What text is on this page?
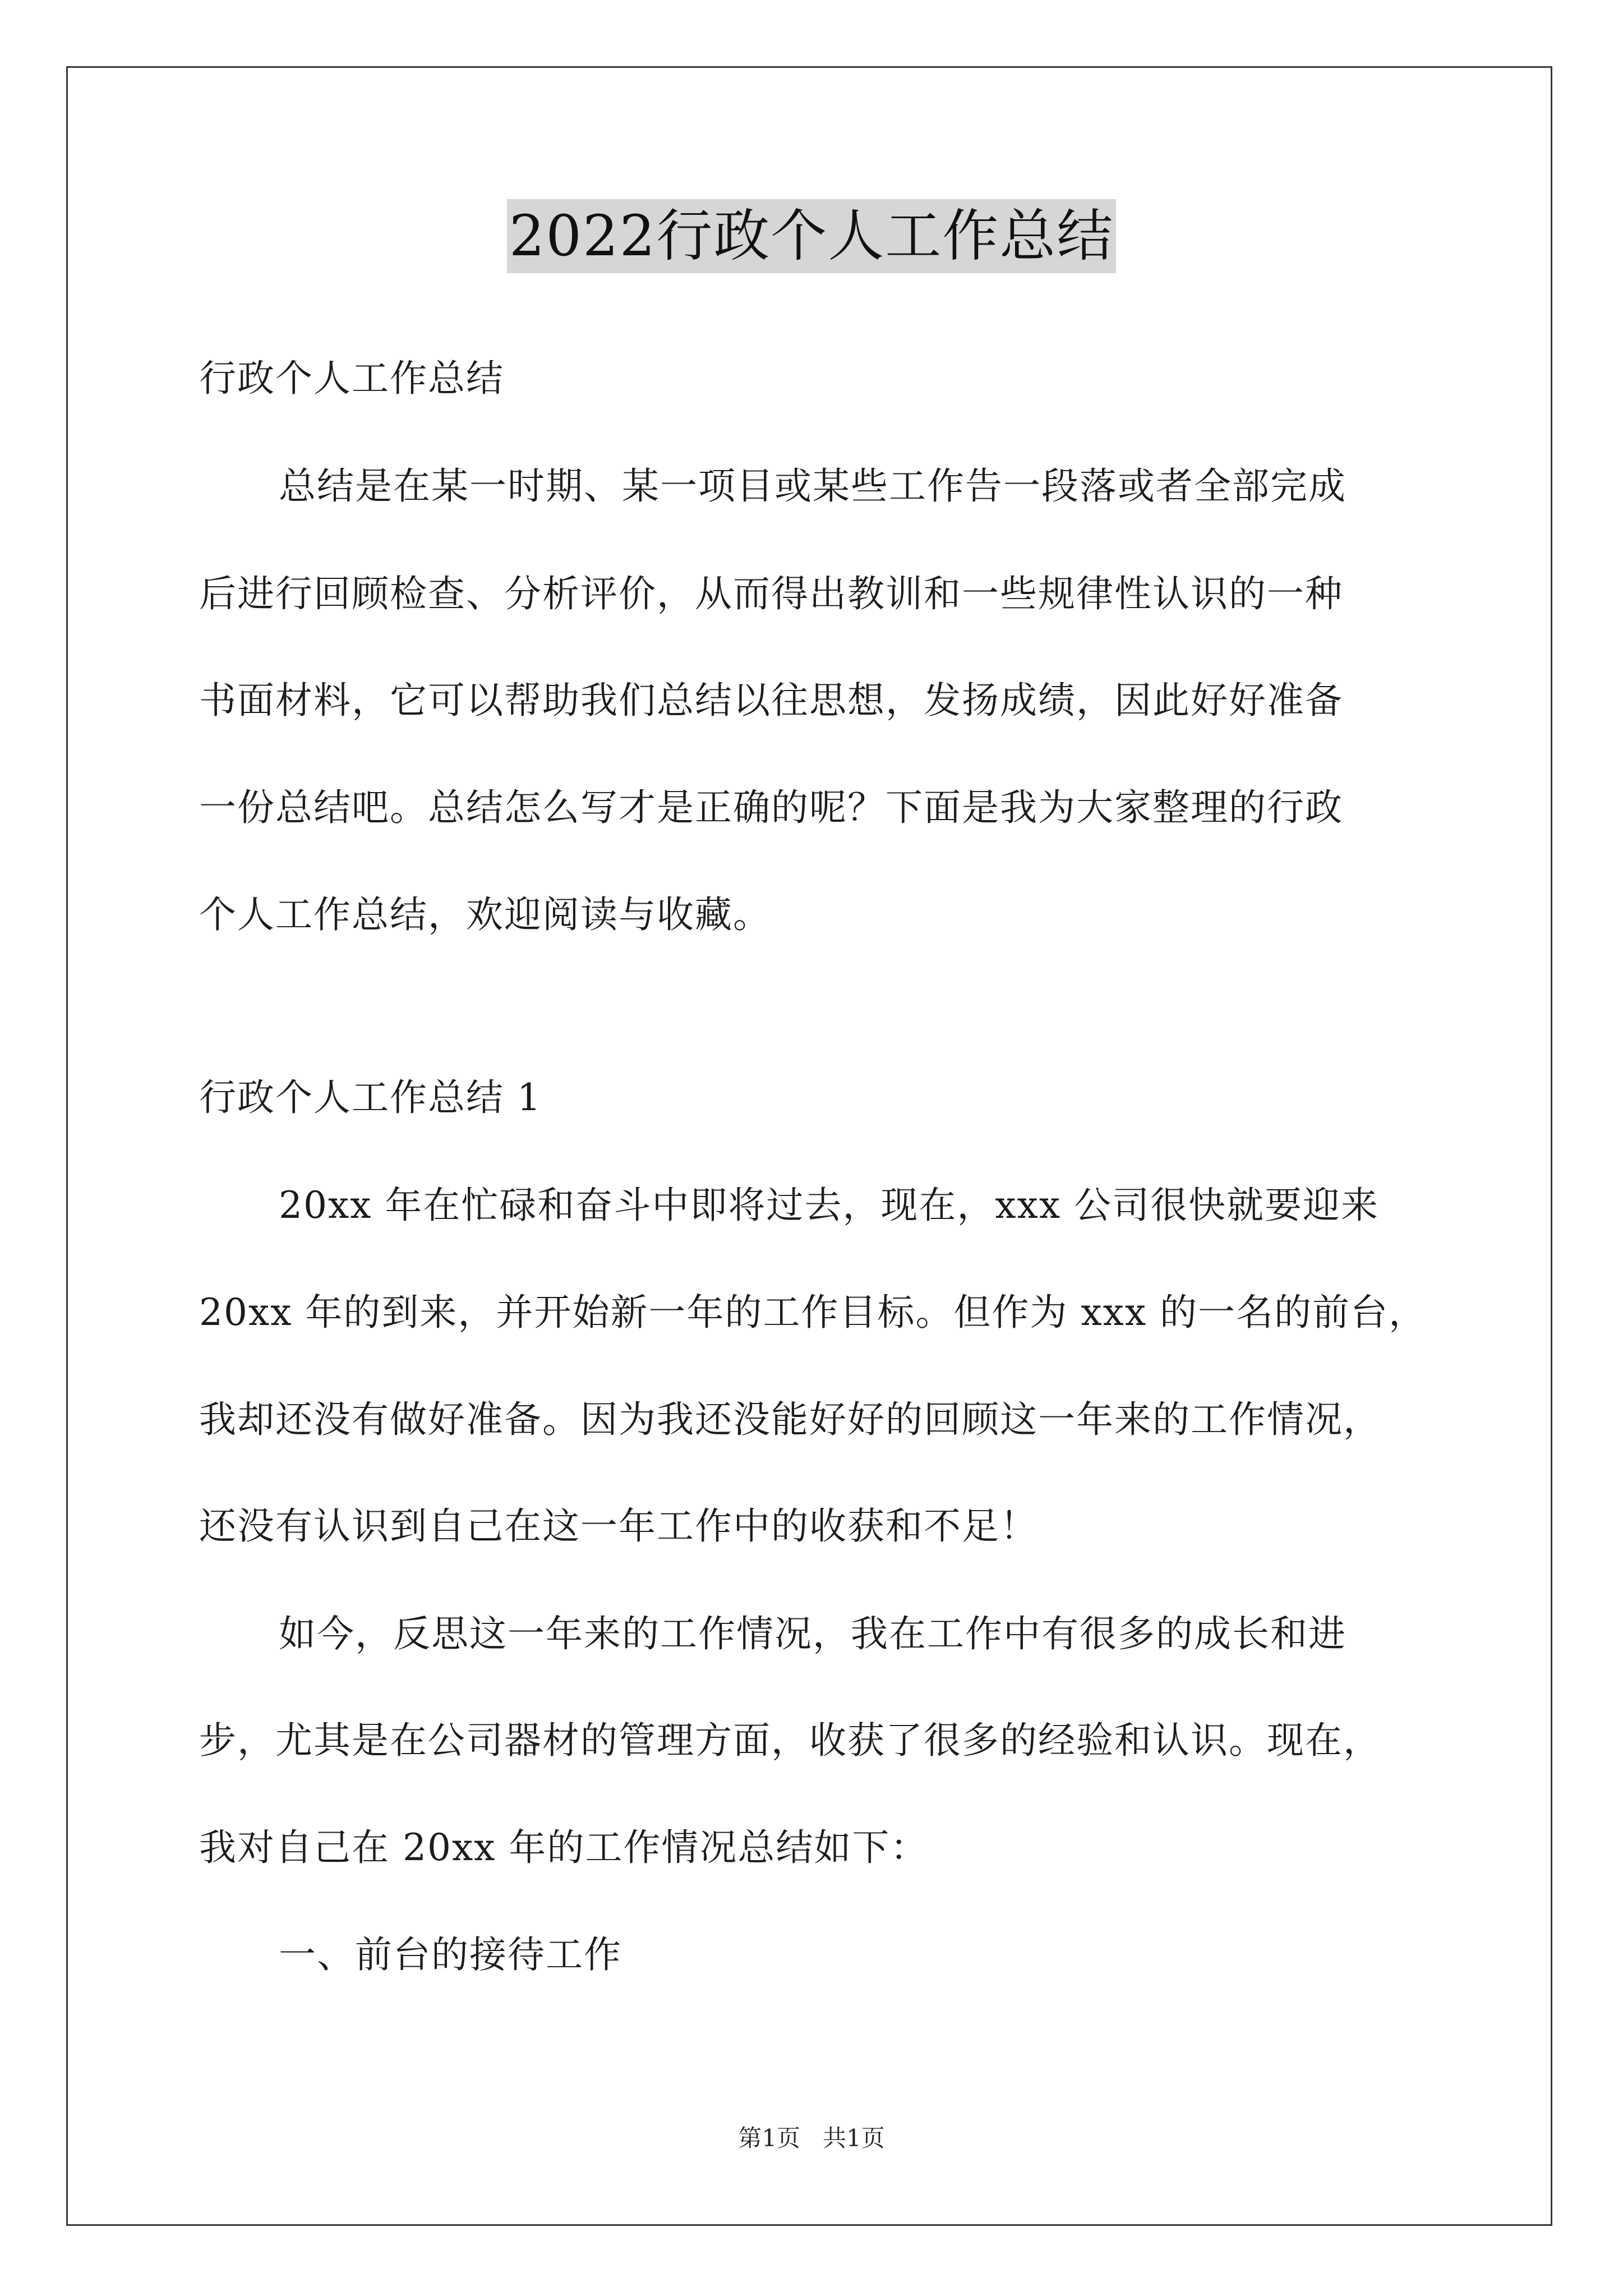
2022行政个人工作总结
行政个人工作总结
总结是在某一时期、某一项目或某些工作告一段落或者全部完成
后进行回顾检查、分析评价，从而得出教训和一些规律性认识的一种
书面材料，它可以帮助我们总结以往思想，发扬成绩，因此好好准备
一份总结吧。总结怎么写才是正确的呢？下面是我为大家整理的行政
个人工作总结，欢迎阅读与收藏。
行政个人工作总结 1
20xx 年在忙碌和奋斗中即将过去，现在，xxx 公司很快就要迎来
20xx 年的到来，并开始新一年的工作目标。但作为 xxx 的一名的前台，
我却还没有做好准备。因为我还没能好好的回顾这一年来的工作情况，
还没有认识到自己在这一年工作中的收获和不足！
如今，反思这一年来的工作情况，我在工作中有很多的成长和进
步，尤其是在公司器材的管理方面，收获了很多的经验和认识。现在，
我对自己在 20xx 年的工作情况总结如下：
一、前台的接待工作
第1页 共1页
